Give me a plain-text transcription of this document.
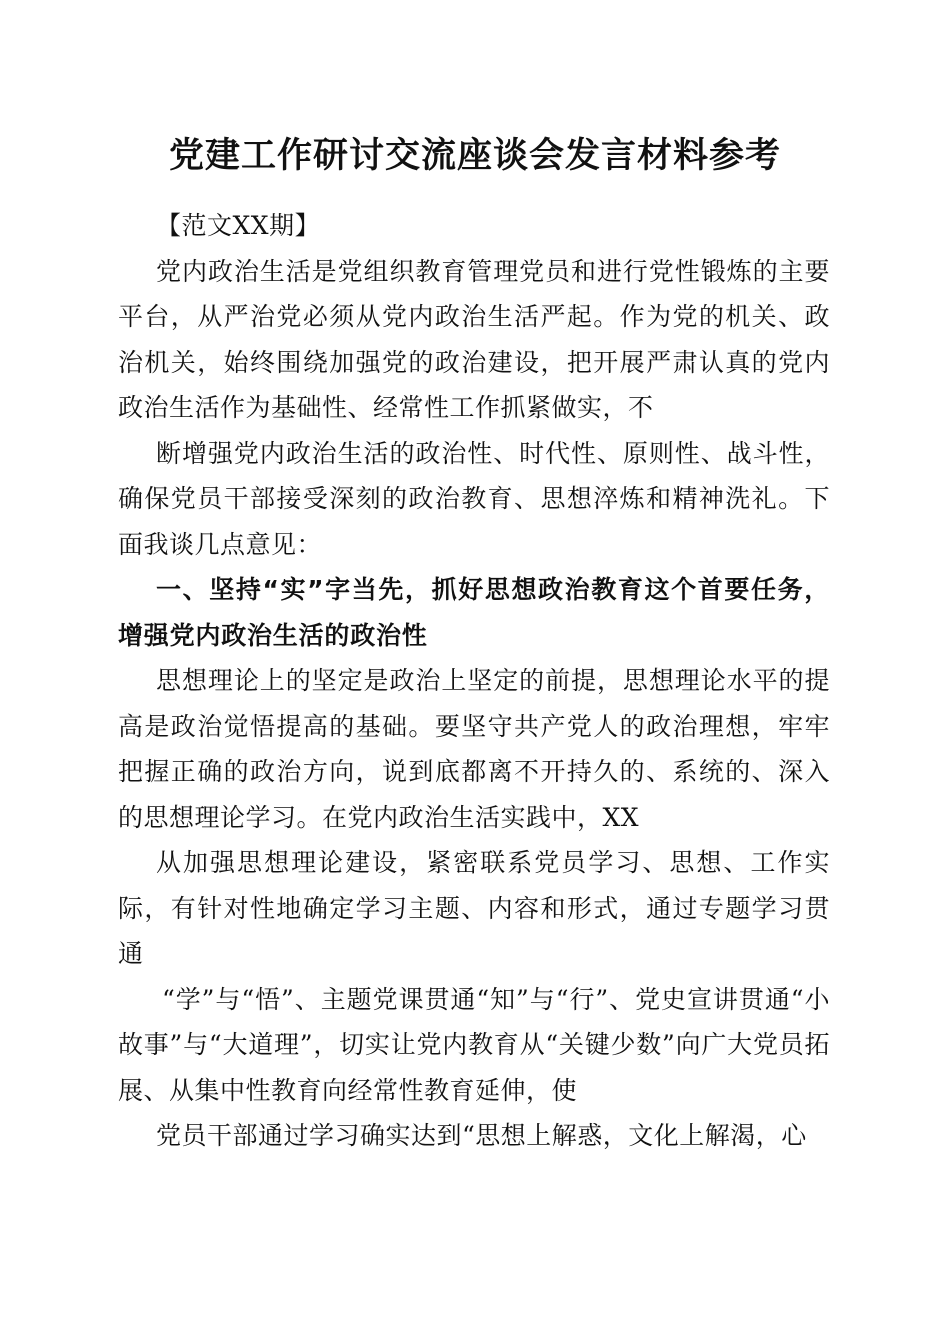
党建工作研讨交流座谈会发言材料参考

【范文XX期】

党内政治生活是党组织教育管理党员和进行党性锻炼的主要平台，从严治党必须从党内政治生活严起。作为党的机关、政治机关，始终围绕加强党的政治建设，把开展严肃认真的党内政治生活作为基础性、经常性工作抓紧做实，不

断增强党内政治生活的政治性、时代性、原则性、战斗性，确保党员干部接受深刻的政治教育、思想淬炼和精神洗礼。下面我谈几点意见：

一、坚持“实”字当先，抓好思想政治教育这个首要任务，增强党内政治生活的政治性

思想理论上的坚定是政治上坚定的前提，思想理论水平的提高是政治觉悟提高的基础。要坚守共产党人的政治理想，牢牢把握正确的政治方向，说到底都离不开持久的、系统的、深入的思想理论学习。在党内政治生活实践中，XX

从加强思想理论建设，紧密联系党员学习、思想、工作实际，有针对性地确定学习主题、内容和形式，通过专题学习贯通

“学”与“悟”、主题党课贯通“知”与“行”、党史宣讲贯通“小故事”与“大道理”，切实让党内教育从“关键少数”向广大党员拓展、从集中性教育向经常性教育延伸，使

党员干部通过学习确实达到“思想上解惑，文化上解渴，心
